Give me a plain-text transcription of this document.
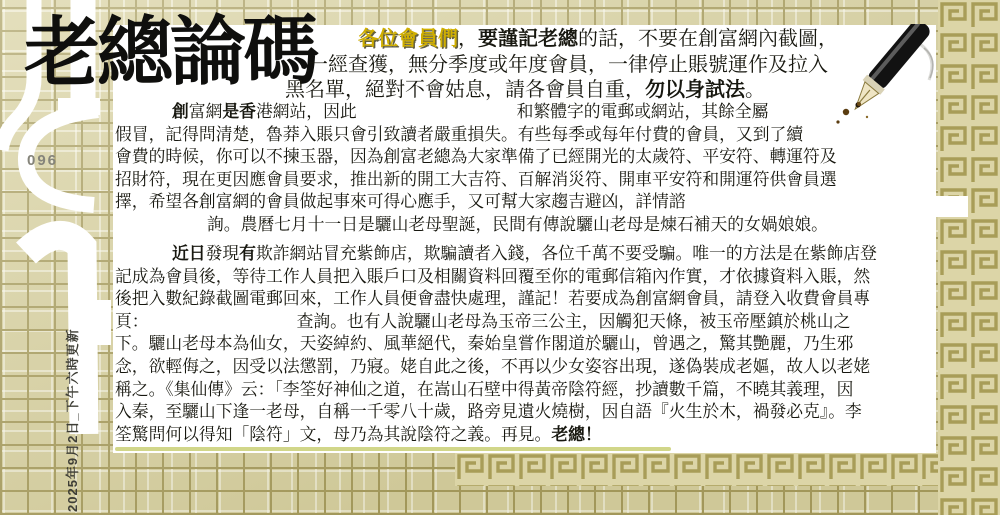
096
2025年9月2日_下午六時更新
老總論碼	各位會員們，要謹記老總的話，不要在創富網內截圖，
一經查獲，無分季度或年度會員，一律停止賬號運作及拉入
黑名單，絕對不會姑息，請各會員自重，勿以身試法。
創富網是香港網站，因此	和繁體字的電郵或網站，其餘全屬
假冒，記得問清楚，魯莽入賬只會引致讀者嚴重損失。有些每季或每年付費的會員，又到了續
會費的時候，你可以不揀玉器，因為創富老總為大家準備了已經開光的太歲符、平安符、轉運符及
招財符，現在更因應會員要求，推出新的開工大吉符、百解消災符、開車平安符和開運符供會員選
擇，希望各創富網的會員做起事來可得心應手，又可幫大家趨吉避凶，詳情諮
詢。農曆七月十一日是驪山老母聖誕，民間有傳說驪山老母是煉石補天的女媧娘娘。
近日發現有欺詐網站冒充紫飾店，欺騙讀者入錢，各位千萬不要受騙。唯一的方法是在紫飾店登
記成為會員後，等待工作人員把入賬戶口及相關資料回覆至你的電郵信箱內作實，才依據資料入賬，然
後把入數紀錄截圖電郵回來，工作人員便會盡快處理，謹記！若要成為創富網會員，請登入收費會員專
頁：	查詢。也有人說驪山老母為玉帝三公主，因觸犯天條，被玉帝壓鎮於桃山之
下。驪山老母本為仙女，天姿綽約、風華絕代，秦始皇嘗作閣道於驪山，曾遇之，驚其艷麗，乃生邪
念，欲輕侮之，因受以法懲罰，乃寢。姥自此之後，不再以少女姿容出現，遂偽裝成老嫗，故人以老姥
稱之。《集仙傳》云：「李筌好神仙之道，在嵩山石壁中得黃帝陰符經，抄讀數千篇，不曉其義理，因
入秦，至驪山下逢一老母，自稱一千零八十歲，路旁見遺火燒樹，因自語『火生於木，禍發必克』。李
筌驚問何以得知「陰符」文，母乃為其說陰符之義。再見。老總！
